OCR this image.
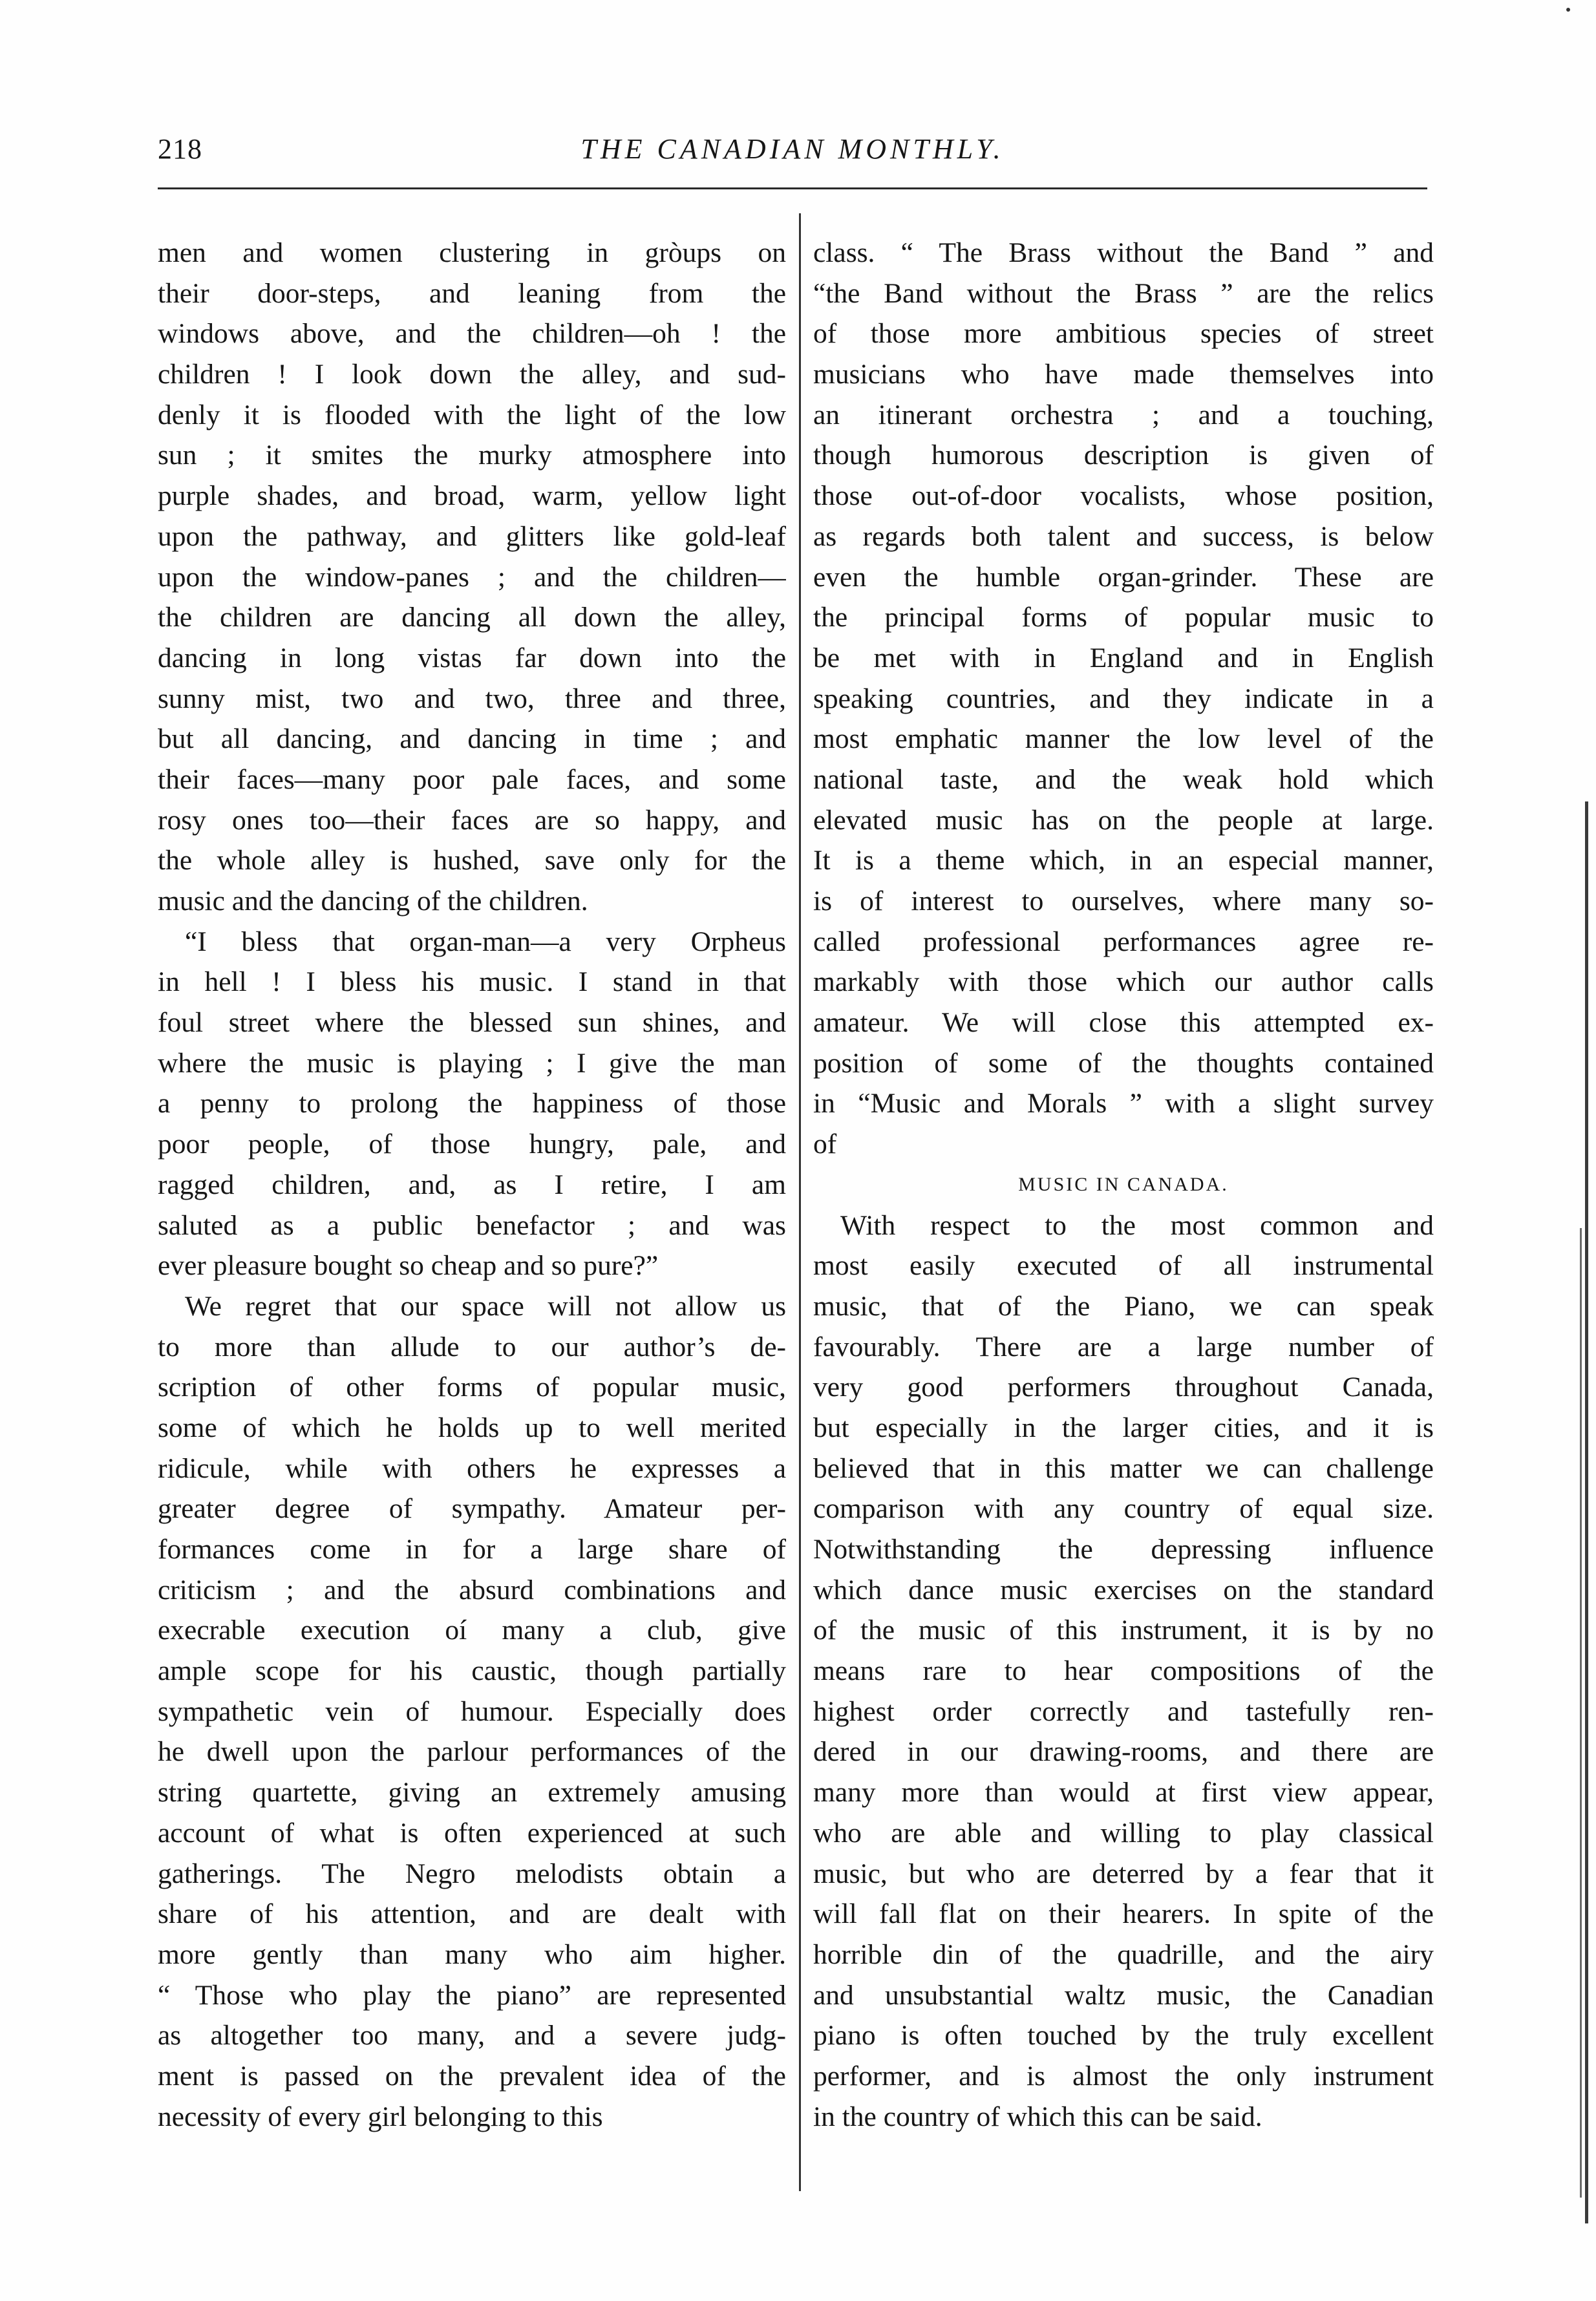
218	THE CANADIAN MONTHLY.
men and women clustering in gròups on
their door-steps, and leaning from the
windows above, and the children—oh ! the
children ! I look down the alley, and sud-
denly it is flooded with the light of the low
sun ; it smites the murky atmosphere into
purple shades, and broad, warm, yellow light
upon the pathway, and glitters like gold-leaf
upon the window-panes ; and the children—
the children are dancing all down the alley,
dancing in long vistas far down into the
sunny mist, two and two, three and three,
but all dancing, and dancing in time ; and
their faces—many poor pale faces, and some
rosy ones too—their faces are so happy, and
the whole alley is hushed, save only for the
music and the dancing of the children.
“I bless that organ-man—a very Orpheus
in hell ! I bless his music. I stand in that
foul street where the blessed sun shines, and
where the music is playing ; I give the man
a penny to prolong the happiness of those
poor people, of those hungry, pale, and
ragged children, and, as I retire, I am
saluted as a public benefactor ; and was
ever pleasure bought so cheap and so pure?”
We regret that our space will not allow us
to more than allude to our author’s de-
scription of other forms of popular music,
some of which he holds up to well merited
ridicule, while with others he expresses a
greater degree of sympathy. Amateur per-
formances come in for a large share of
criticism ; and the absurd combinations and
execrable execution oí many a club, give
ample scope for his caustic, though partially
sympathetic vein of humour. Especially does
he dwell upon the parlour performances of the
string quartette, giving an extremely amusing
account of what is often experienced at such
gatherings. The Negro melodists obtain a
share of his attention, and are dealt with
more gently than many who aim higher.
“ Those who play the piano” are represented
as altogether too many, and a severe judg-
ment is passed on the prevalent idea of the
necessity of every girl belonging to this
class. “ The Brass without the Band ” and
“the Band without the Brass ” are the relics
of those more ambitious species of street
musicians who have made themselves into
an itinerant orchestra ; and a touching,
though humorous description is given of
those out-of-door vocalists, whose position,
as regards both talent and success, is below
even the humble organ-grinder. These are
the principal forms of popular music to
be met with in England and in English
speaking countries, and they indicate in a
most emphatic manner the low level of the
national taste, and the weak hold which
elevated music has on the people at large.
It is a theme which, in an especial manner,
is of interest to ourselves, where many so-
called professional performances agree re-
markably with those which our author calls
amateur. We will close this attempted ex-
position of some of the thoughts contained
in “Music and Morals ” with a slight survey
of
MUSIC IN CANADA.
With respect to the most common and
most easily executed of all instrumental
music, that of the Piano, we can speak
favourably. There are a large number of
very good performers throughout Canada,
but especially in the larger cities, and it is
believed that in this matter we can challenge
comparison with any country of equal size.
Notwithstanding the depressing influence
which dance music exercises on the standard
of the music of this instrument, it is by no
means rare to hear compositions of the
highest order correctly and tastefully ren-
dered in our drawing-rooms, and there are
many more than would at first view appear,
who are able and willing to play classical
music, but who are deterred by a fear that it
will fall flat on their hearers. In spite of the
horrible din of the quadrille, and the airy
and unsubstantial waltz music, the Canadian
piano is often touched by the truly excellent
performer, and is almost the only instrument
in the country of which this can be said.
